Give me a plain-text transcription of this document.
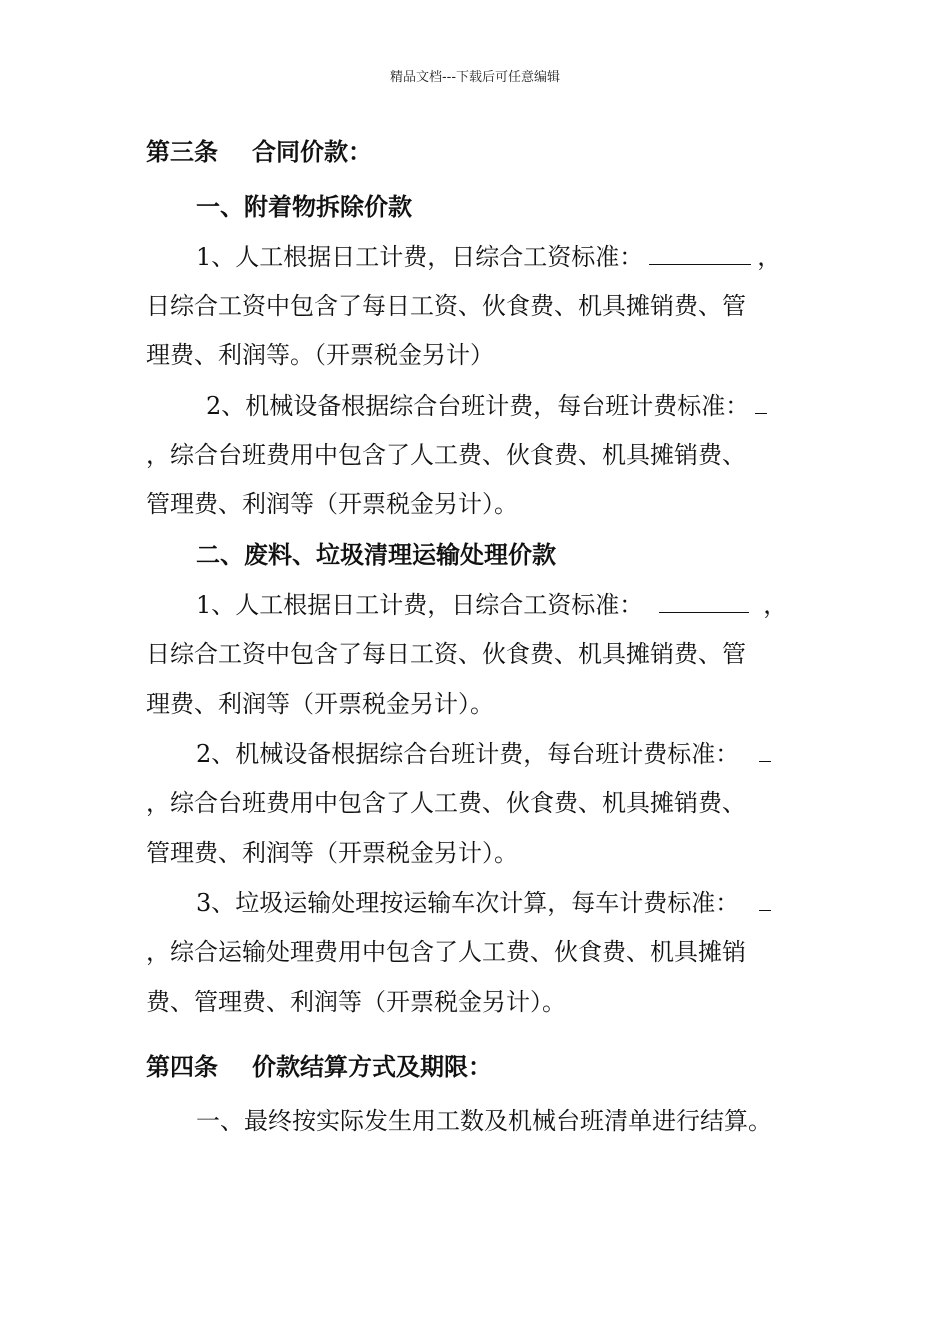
精品文档---下载后可任意编辑
第三条 合同价款：
一、附着物拆除价款
1、人工根据日工计费，日综合工资标准：	，
日综合工资中包含了每日工资、伙食费、机具摊销费、管
理费、利润等。（开票税金另计）
2、机械设备根据综合台班计费，每台班计费标准：
，综合台班费用中包含了人工费、伙食费、机具摊销费、
管理费、利润等（开票税金另计）。
二、废料、垃圾清理运输处理价款
1、人工根据日工计费，日综合工资标准：	，
日综合工资中包含了每日工资、伙食费、机具摊销费、管
理费、利润等（开票税金另计）。
2、机械设备根据综合台班计费，每台班计费标准：
，综合台班费用中包含了人工费、伙食费、机具摊销费、
管理费、利润等（开票税金另计）。
3、垃圾运输处理按运输车次计算，每车计费标准：
，综合运输处理费用中包含了人工费、伙食费、机具摊销
费、管理费、利润等（开票税金另计）。
第四条 价款结算方式及期限：
一、最终按实际发生用工数及机械台班清单进行结算。
